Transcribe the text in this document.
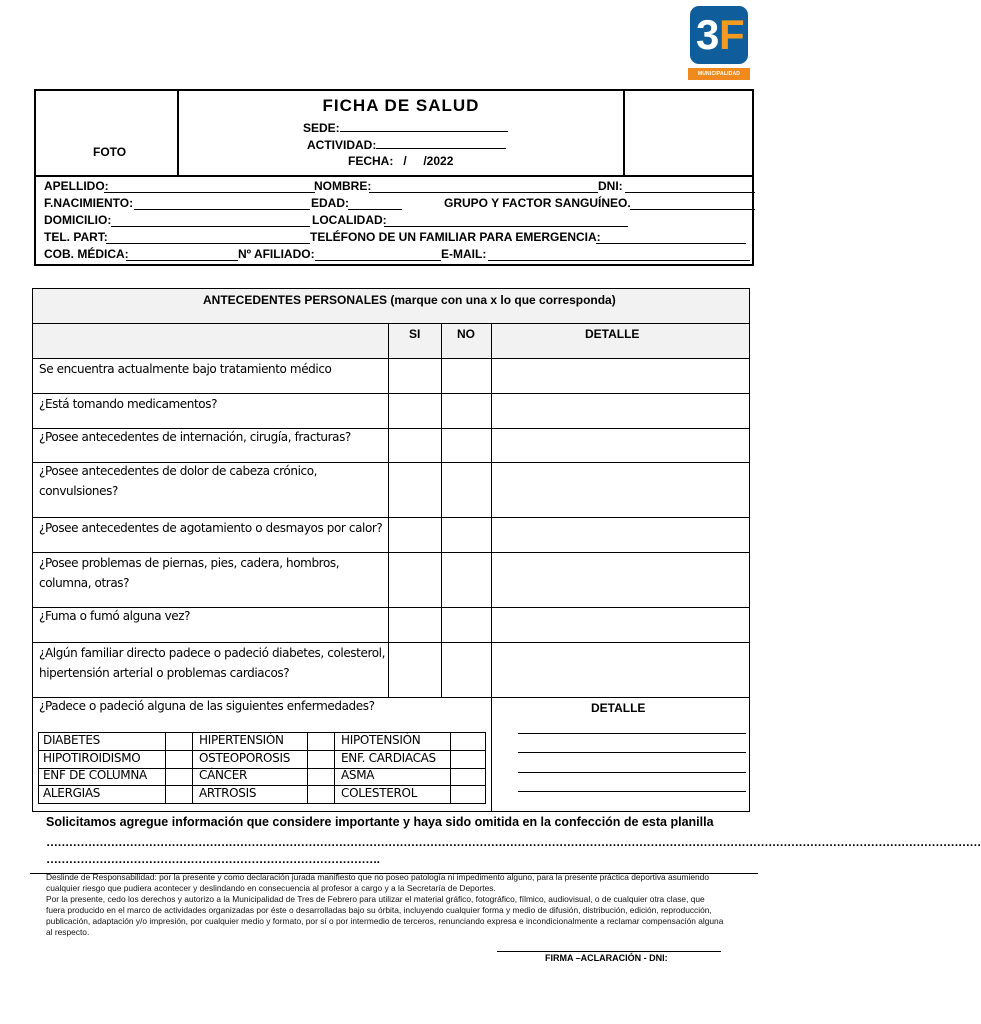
3 F
MUNICIPALIDAD
FOTO
FICHA DE SALUD
SEDE:
ACTIVIDAD:
FECHA:   /     /2022
APELLIDO:	NOMBRE:	DNI:
F.NACIMIENTO:	EDAD:	GRUPO Y FACTOR SANGUÍNEO.
DOMICILIO:	LOCALIDAD:
TEL. PART:	TELÉFONO DE UN FAMILIAR PARA EMERGENCIA:
COB. MÉDICA:	Nº AFILIADO:	E-MAIL:
ANTECEDENTES PERSONALES (marque con una x lo que corresponda)
SI	NO	DETALLE
Se encuentra actualmente bajo tratamiento médico
¿Está tomando medicamentos?
¿Posee antecedentes de internación, cirugía, fracturas?
¿Posee antecedentes de dolor de cabeza crónico,
convulsiones?
¿Posee antecedentes de agotamiento o desmayos por calor?
¿Posee problemas de piernas, pies, cadera, hombros,
columna, otras?
¿Fuma o fumó alguna vez?
¿Algún familiar directo padece o padeció diabetes, colesterol,
hipertensión arterial o problemas cardiacos?
¿Padece o padeció alguna de las siguientes enfermedades?	DETALLE
DIABETES	HIPERTENSIÓN	HIPOTENSIÓN
HIPOTIROIDISMO	OSTEOPOROSIS	ENF. CARDIACAS
ENF DE COLUMNA	CÁNCER	ASMA
ALERGIAS	ARTROSIS	COLESTEROL
Solicitamos agregue información que considere importante y haya sido omitida en la confección de esta planilla
…………………………………………………………………………………………………………………………………………………………………………………………………………………………
…………………………………………………………………………….

Deslinde de Responsabilidad: por la presente y como declaración jurada manifiesto que no poseo patología ni impedimento alguno, para la presente práctica deportiva asumiendo cualquier riesgo que pudiera acontecer y deslindando en consecuencia al profesor a cargo y a la Secretaría de Deportes.

Por la presente, cedo los derechos y autorizo a la Municipalidad de Tres de Febrero para utilizar el material gráfico, fotográfico, fílmico, audiovisual, o de cualquier otra clase, que fuera producido en el marco de actividades organizadas por éste o desarrolladas bajo su órbita, incluyendo cualquier forma y medio de difusión, distribución, edición, reproducción, publicación, adaptación y/o impresión, por cualquier medio y formato, por sí o por intermedio de terceros, renunciando expresa e incondicionalmente a reclamar compensación alguna al respecto.

FIRMA –ACLARACIÓN - DNI:
